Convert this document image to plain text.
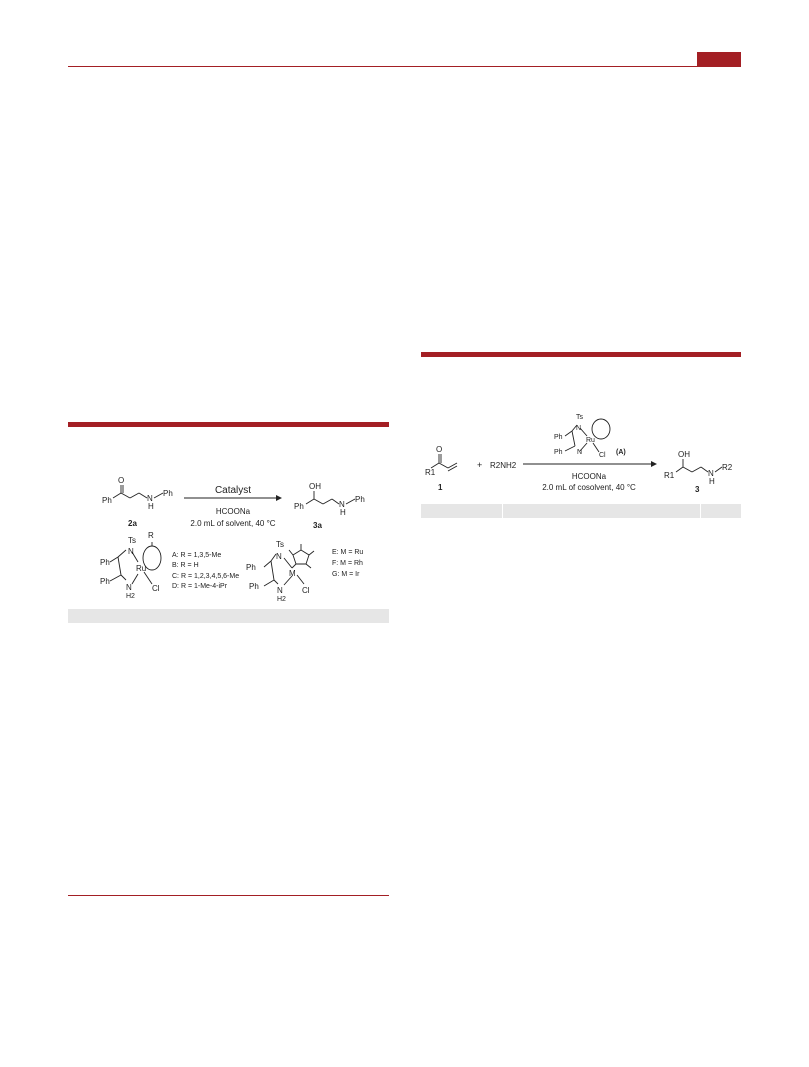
Ph
O
N
H
Ph
2a
Catalyst
HCOONa
2.0 mL of solvent, 40 °C
Ph
OH
N
H
Ph
3a
Ts
N
R
Ru
Cl
Ph
Ph
N
H2
A: R = 1,3,5-Me
B: R = H
C: R = 1,2,3,4,5,6-Me
D: R = 1-Me-4-iPr
Ts
N
M
Cl
Ph
Ph N
H2
E: M = Ru
F: M = Rh
G: M = Ir
R1
O
1
+ R2NH2
Ts
N
Ru
Cl
Ph
Ph N	(A)
HCOONa
2.0 mL of cosolvent, 40 °C
R1
OH
N
H
R2
3
